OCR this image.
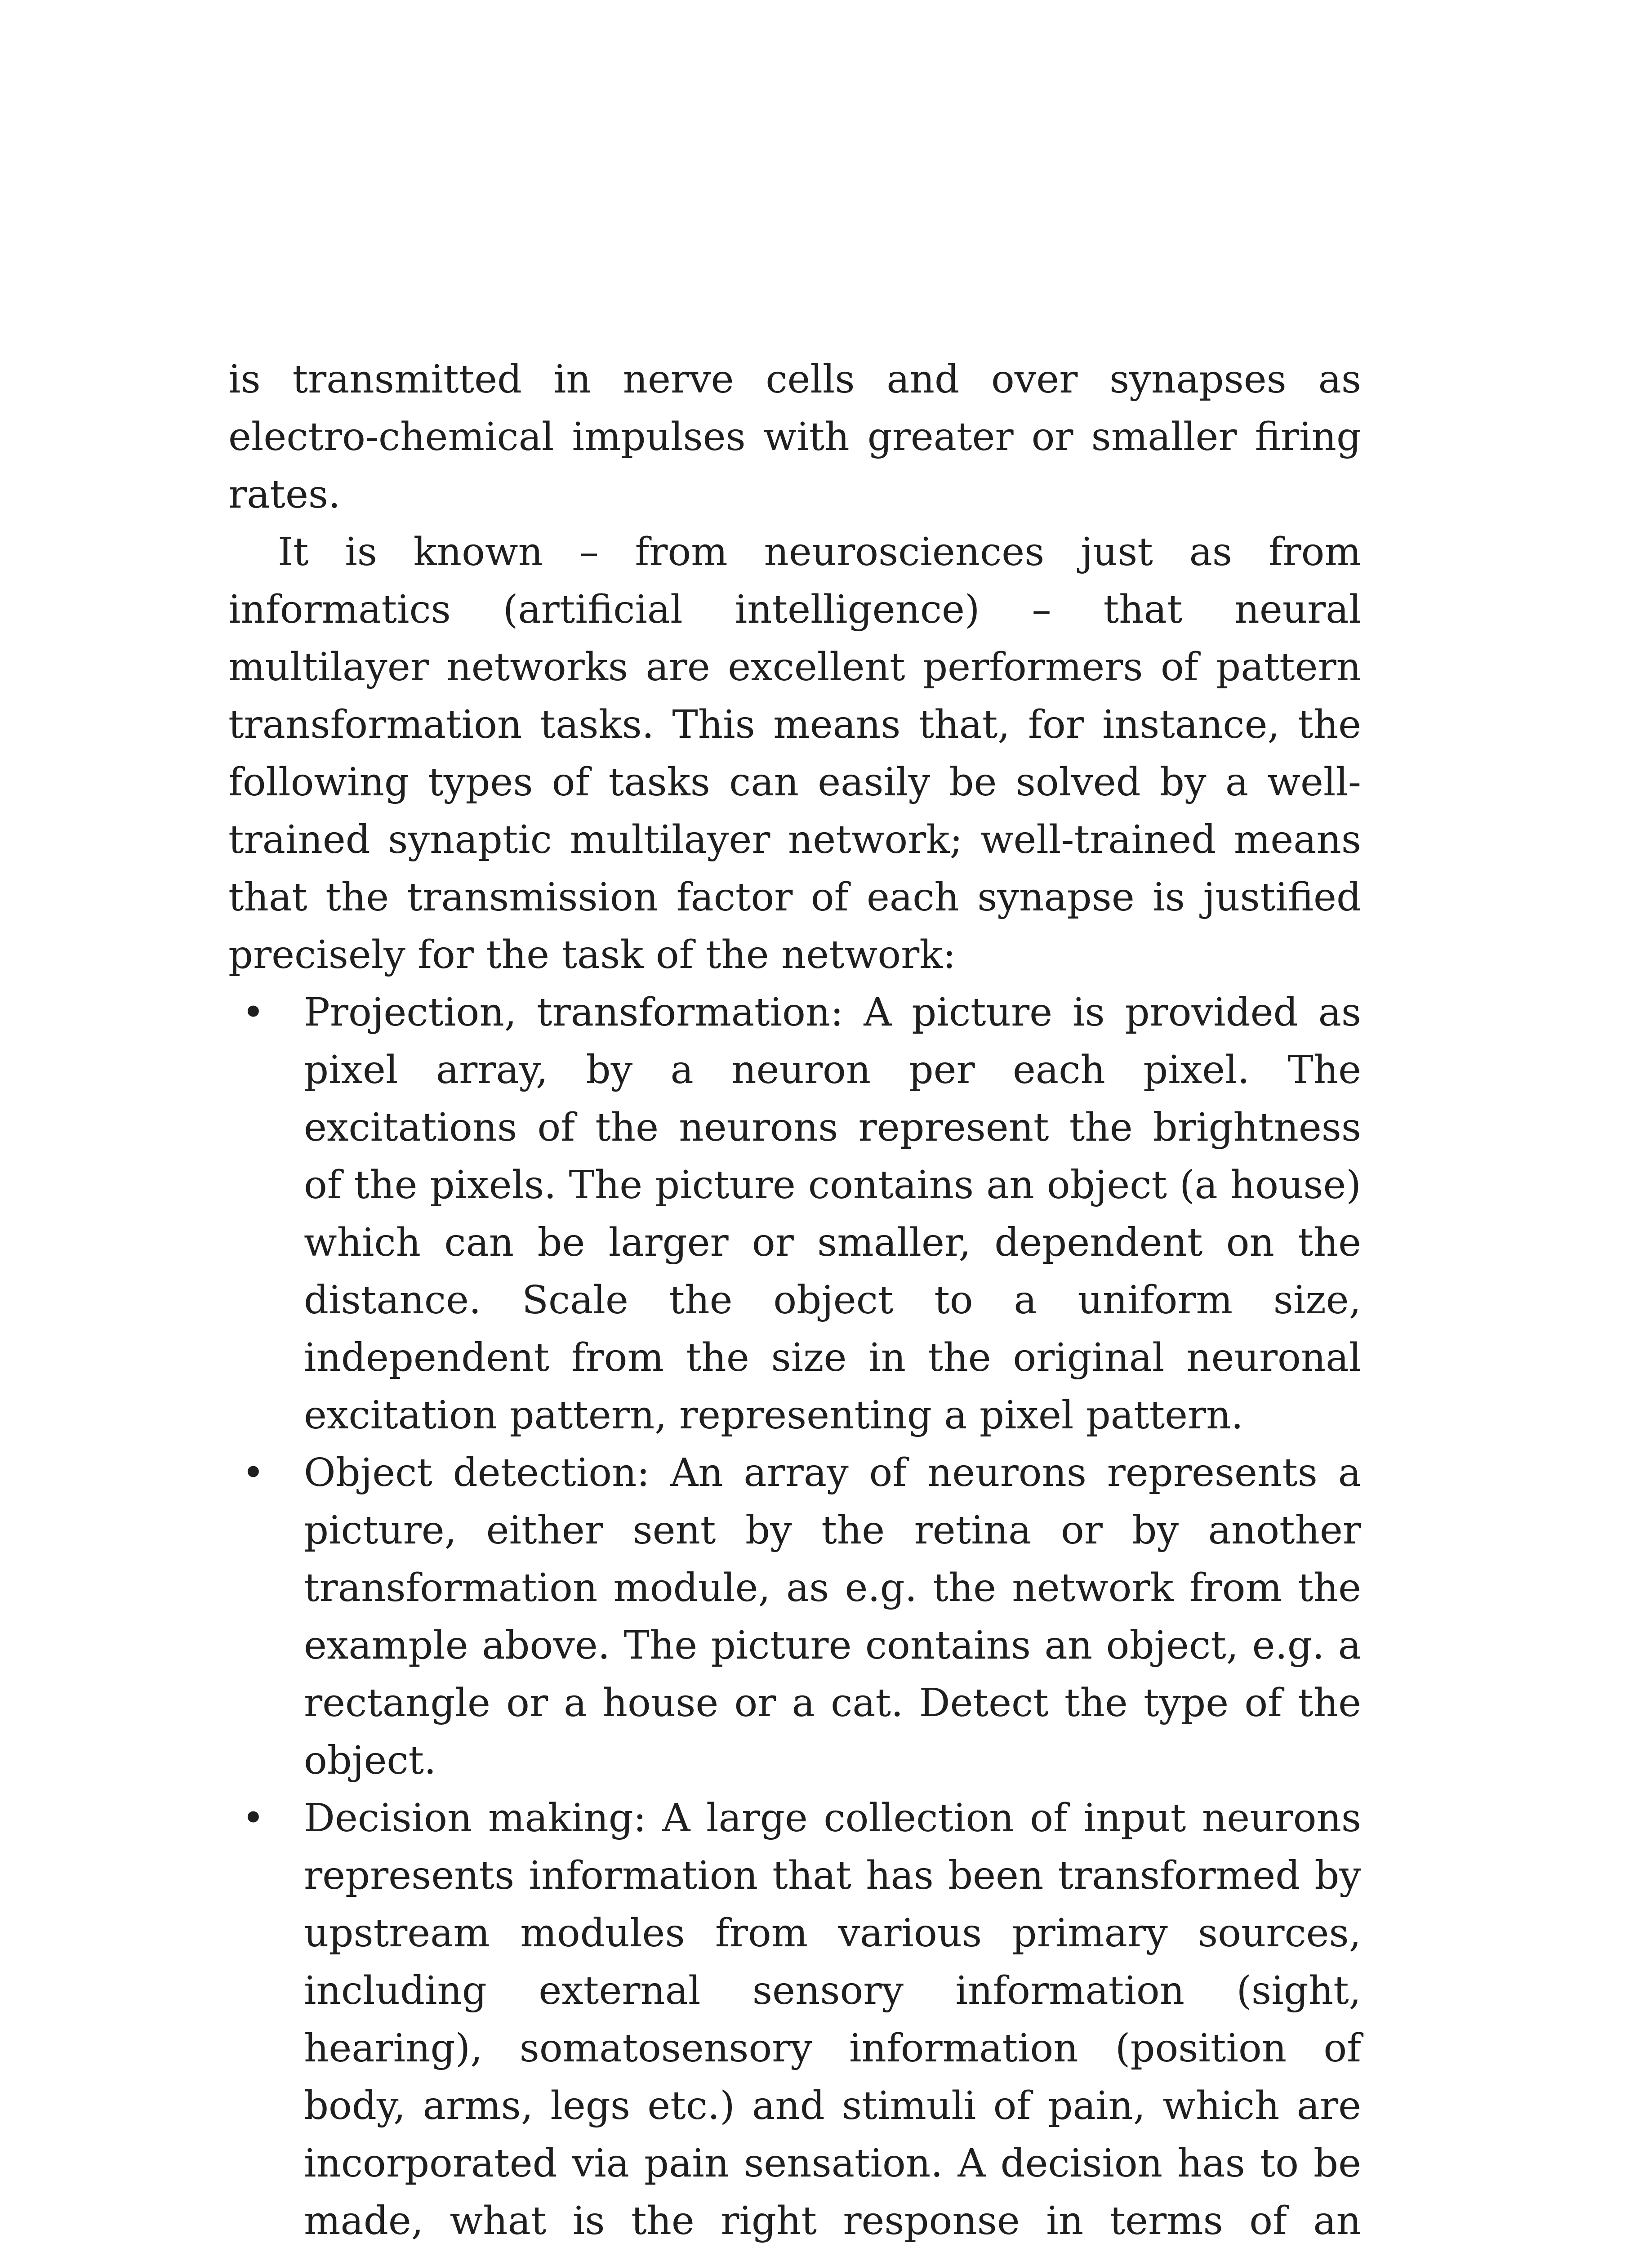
is transmitted in nerve cells and over synapses as electro-chemical impulses with greater or smaller firing rates.

It is known – from neurosciences just as from informatics (artificial intelligence) – that neural multilayer networks are excellent performers of pattern transformation tasks. This means that, for instance, the following types of tasks can easily be solved by a well-trained synaptic multilayer network; well-trained means that the transmission factor of each synapse is justified precisely for the task of the network:

• Projection, transformation: A picture is provided as pixel array, by a neuron per each pixel. The excitations of the neurons represent the brightness of the pixels. The picture contains an object (a house) which can be larger or smaller, dependent on the distance. Scale the object to a uniform size, independent from the size in the original neuronal excitation pattern, representing a pixel pattern.
• Object detection: An array of neurons represents a picture, either sent by the retina or by another transformation module, as e.g. the network from the example above. The picture contains an object, e.g. a rectangle or a house or a cat. Detect the type of the object.
• Decision making: A large collection of input neurons represents information that has been transformed by upstream modules from various primary sources, including external sensory information (sight, hearing), somatosensory information (position of body, arms, legs etc.) and stimuli of pain, which are incorporated via pain sensation. A decision has to be made, what is the right response in terms of an
